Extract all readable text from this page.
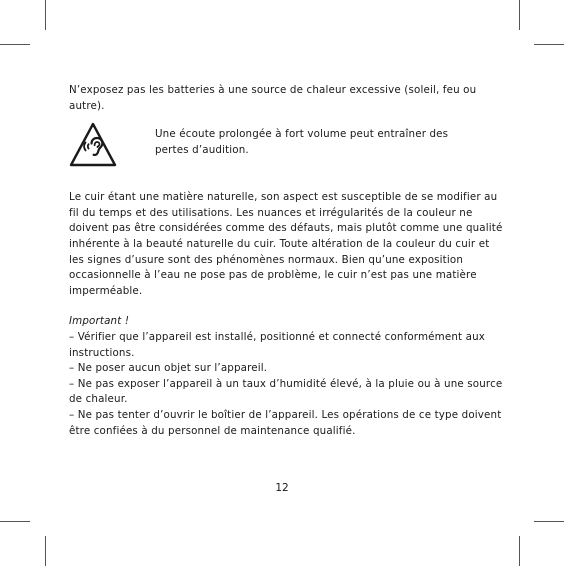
N’exposez pas les batteries à une source de chaleur excessive (soleil, feu ou autre).

Une écoute prolongée à fort volume peut entraîner des pertes d’audition.

Le cuir étant une matière naturelle, son aspect est susceptible de se modifier au fil du temps et des utilisations. Les nuances et irrégularités de la couleur ne doivent pas être considérées comme des défauts, mais plutôt comme une qualité inhérente à la beauté naturelle du cuir. Toute altération de la couleur du cuir et les signes d’usure sont des phénomènes normaux. Bien qu’une exposition occasionnelle à l’eau ne pose pas de problème, le cuir n’est pas une matière imperméable.

Important !

– Vérifier que l’appareil est installé, positionné et connecté conformément aux instructions.
– Ne poser aucun objet sur l’appareil.
– Ne pas exposer l’appareil à un taux d’humidité élevé, à la pluie ou à une source de chaleur.
– Ne pas tenter d’ouvrir le boîtier de l’appareil. Les opérations de ce type doivent être confiées à du personnel de maintenance qualifié.
12
